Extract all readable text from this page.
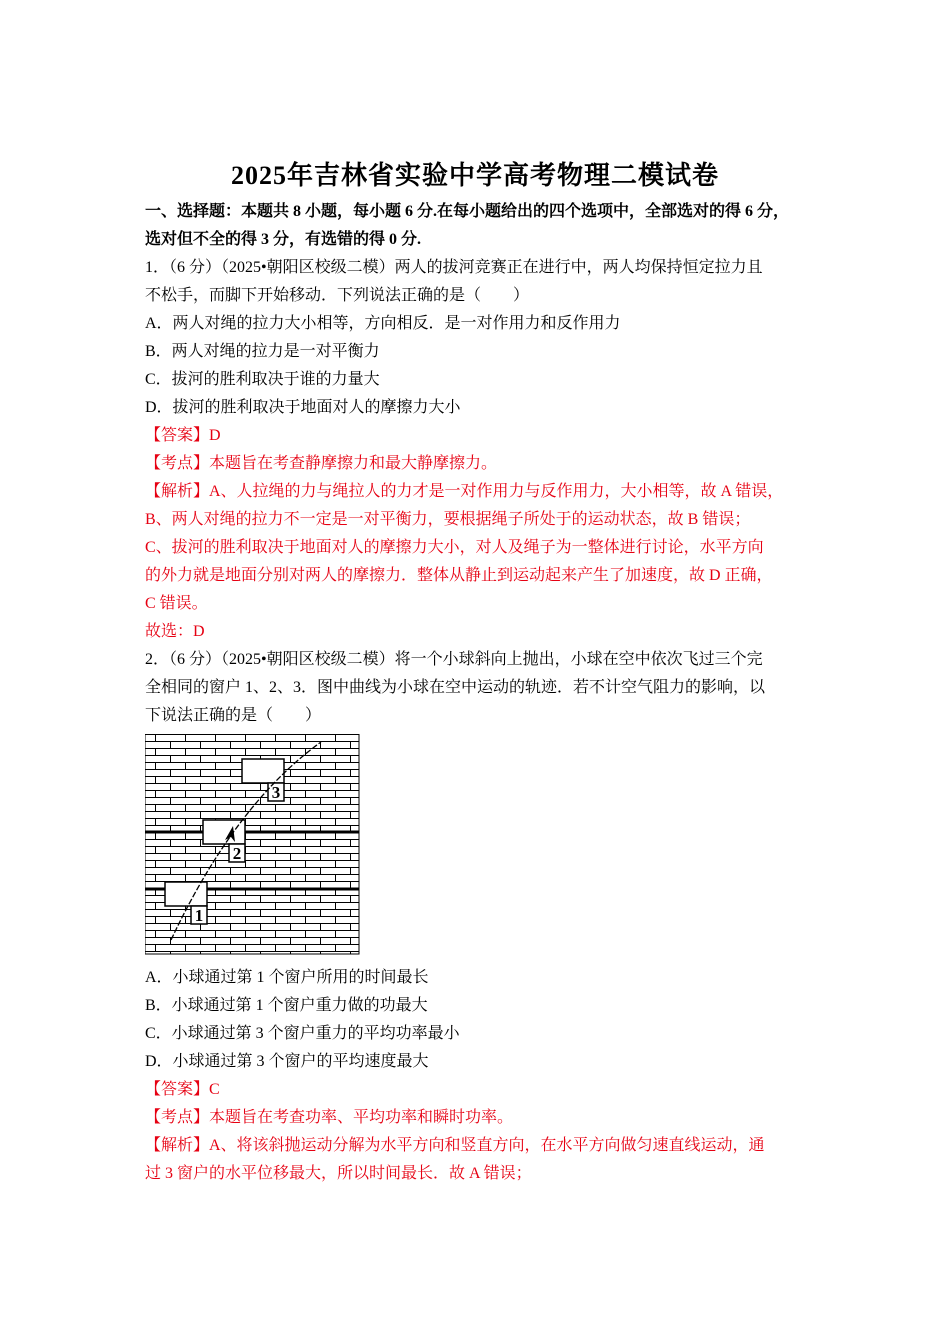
2025年吉林省实验中学高考物理二模试卷
一、选择题：本题共 8 小题，每小题 6 分.在每小题给出的四个选项中，全部选对的得 6 分，
选对但不全的得 3 分，有选错的得 0 分.
1．（6 分）（2025•朝阳区校级二模）两人的拔河竞赛正在进行中，两人均保持恒定拉力且
不松手，而脚下开始移动．下列说法正确的是（　　）
A．两人对绳的拉力大小相等，方向相反．是一对作用力和反作用力
B．两人对绳的拉力是一对平衡力
C．拔河的胜利取决于谁的力量大
D．拔河的胜利取决于地面对人的摩擦力大小
【答案】D
【考点】本题旨在考查静摩擦力和最大静摩擦力。
【解析】A、人拉绳的力与绳拉人的力才是一对作用力与反作用力，大小相等，故 A 错误，
B、两人对绳的拉力不一定是一对平衡力，要根据绳子所处于的运动状态，故 B 错误；
C、拔河的胜利取决于地面对人的摩擦力大小，对人及绳子为一整体进行讨论，水平方向
的外力就是地面分别对两人的摩擦力．整体从静止到运动起来产生了加速度，故 D 正确，
C 错误。
故选：D
2．（6 分）（2025•朝阳区校级二模）将一个小球斜向上抛出，小球在空中依次飞过三个完
全相同的窗户 1、2、3．图中曲线为小球在空中运动的轨迹．若不计空气阻力的影响，以
下说法正确的是（　　）
1
2
3
A．小球通过第 1 个窗户所用的时间最长
B．小球通过第 1 个窗户重力做的功最大
C．小球通过第 3 个窗户重力的平均功率最小
D．小球通过第 3 个窗户的平均速度最大
【答案】C
【考点】本题旨在考查功率、平均功率和瞬时功率。
【解析】A、将该斜抛运动分解为水平方向和竖直方向，在水平方向做匀速直线运动，通
过 3 窗户的水平位移最大，所以时间最长．故 A 错误；
